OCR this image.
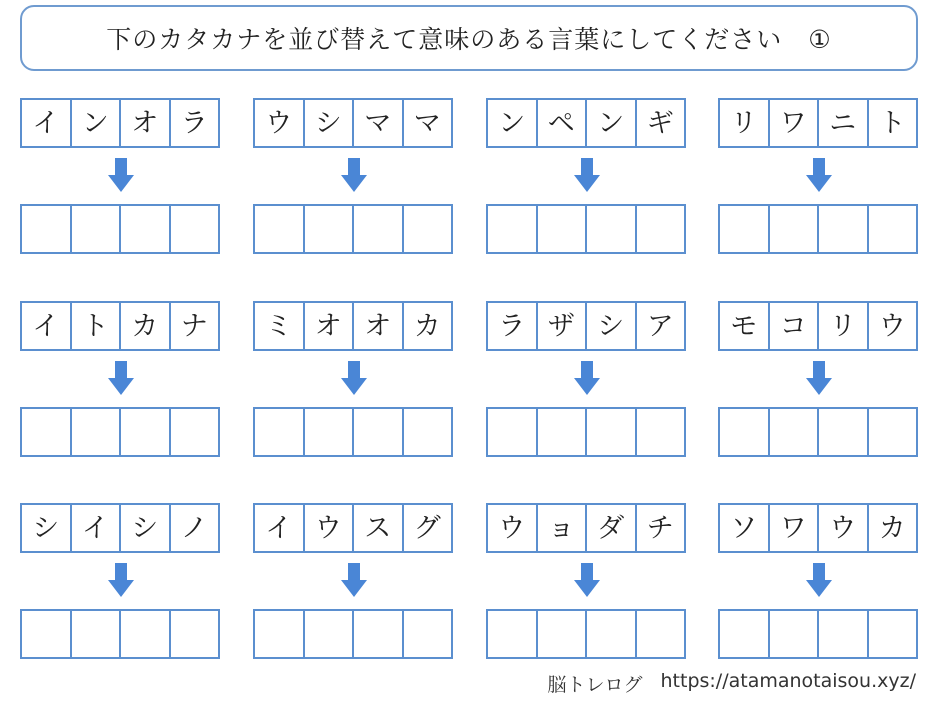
下のカタカナを並び替えて意味のある言葉にしてください　①
イ ン オ ラ	ウ シ マ マ	ン ペ ン ギ	リ ワ ニ ト
イ ト カ ナ	ミ オ オ カ	ラ ザ シ ア	モ コ リ ウ
シ イ シ ノ	イ ウ ス グ	ウ ョ ダ チ	ソ ワ ウ カ
脳トレログ https://atamanotaisou.xyz/
